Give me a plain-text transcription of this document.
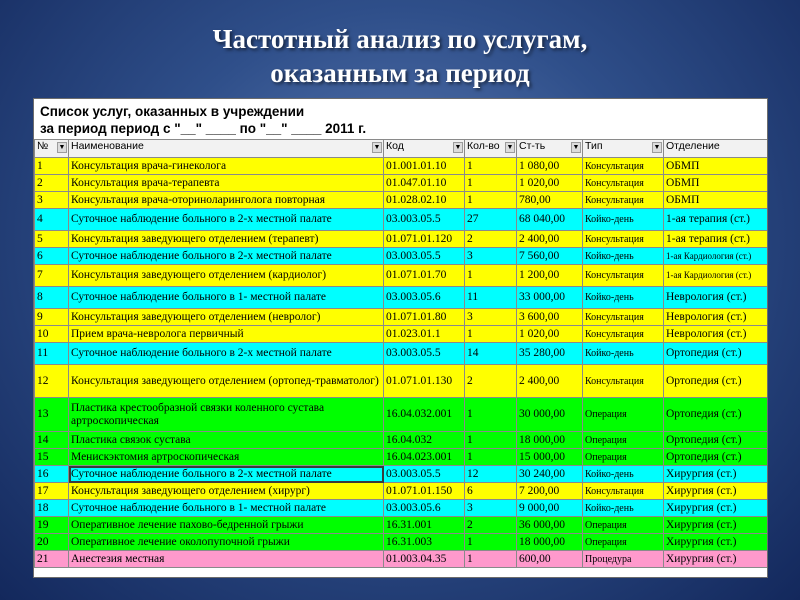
Частотный анализ по услугам,
оказанным за период
Список услуг, оказанных в учреждении
за период период с "__" ____ по "__" ____ 2011 г.
№ ▼	Наименование ▼	Код ▼	Кол-во ▼	Ст-ть ▼	Тип ▼	Отделение
1	Консультация врача-гинеколога	01.001.01.10	1	1 080,00	Консультация	ОБМП
2	Консультация врача-терапевта	01.047.01.10	1	1 020,00	Консультация	ОБМП
3	Консультация врача-оториноларинголога повторная	01.028.02.10	1	780,00	Консультация	ОБМП
4	Суточное наблюдение больного в 2-х местной палате	03.003.05.5	27	68 040,00	Койко-день	1-ая терапия (ст.)
5	Консультация заведующего отделением (терапевт)	01.071.01.120	2	2 400,00	Консультация	1-ая терапия (ст.)
6	Суточное наблюдение больного в 2-х местной палате	03.003.05.5	3	7 560,00	Койко-день	1-ая Кардиология (ст.)
7	Консультация заведующего отделением (кардиолог)	01.071.01.70	1	1 200,00	Консультация	1-ая Кардиология (ст.)
8	Суточное наблюдение больного в 1- местной палате	03.003.05.6	11	33 000,00	Койко-день	Неврология (ст.)
9	Консультация заведующего отделением (невролог)	01.071.01.80	3	3 600,00	Консультация	Неврология (ст.)
10	Прием врача-невролога первичный	01.023.01.1	1	1 020,00	Консультация	Неврология (ст.)
11	Суточное наблюдение больного в 2-х местной палате	03.003.05.5	14	35 280,00	Койко-день	Ортопедия (ст.)
12	Консультация заведующего отделением (ортопед-травматолог)	01.071.01.130	2	2 400,00	Консультация	Ортопедия (ст.)
13	Пластика крестообразной связки коленного сустава артроскопическая	16.04.032.001	1	30 000,00	Операция	Ортопедия (ст.)
14	Пластика связок сустава	16.04.032	1	18 000,00	Операция	Ортопедия (ст.)
15	Менискэктомия артроскопическая	16.04.023.001	1	15 000,00	Операция	Ортопедия (ст.)
16	Суточное наблюдение больного в 2-х местной палате	03.003.05.5	12	30 240,00	Койко-день	Хирургия (ст.)
17	Консультация заведующего отделением (хирург)	01.071.01.150	6	7 200,00	Консультация	Хирургия (ст.)
18	Суточное наблюдение больного в 1- местной палате	03.003.05.6	3	9 000,00	Койко-день	Хирургия (ст.)
19	Оперативное лечение пахово-бедренной грыжи	16.31.001	2	36 000,00	Операция	Хирургия (ст.)
20	Оперативное лечение околопупочной грыжи	16.31.003	1	18 000,00	Операция	Хирургия (ст.)
21	Анестезия местная	01.003.04.35	1	600,00	Процедура	Хирургия (ст.)
